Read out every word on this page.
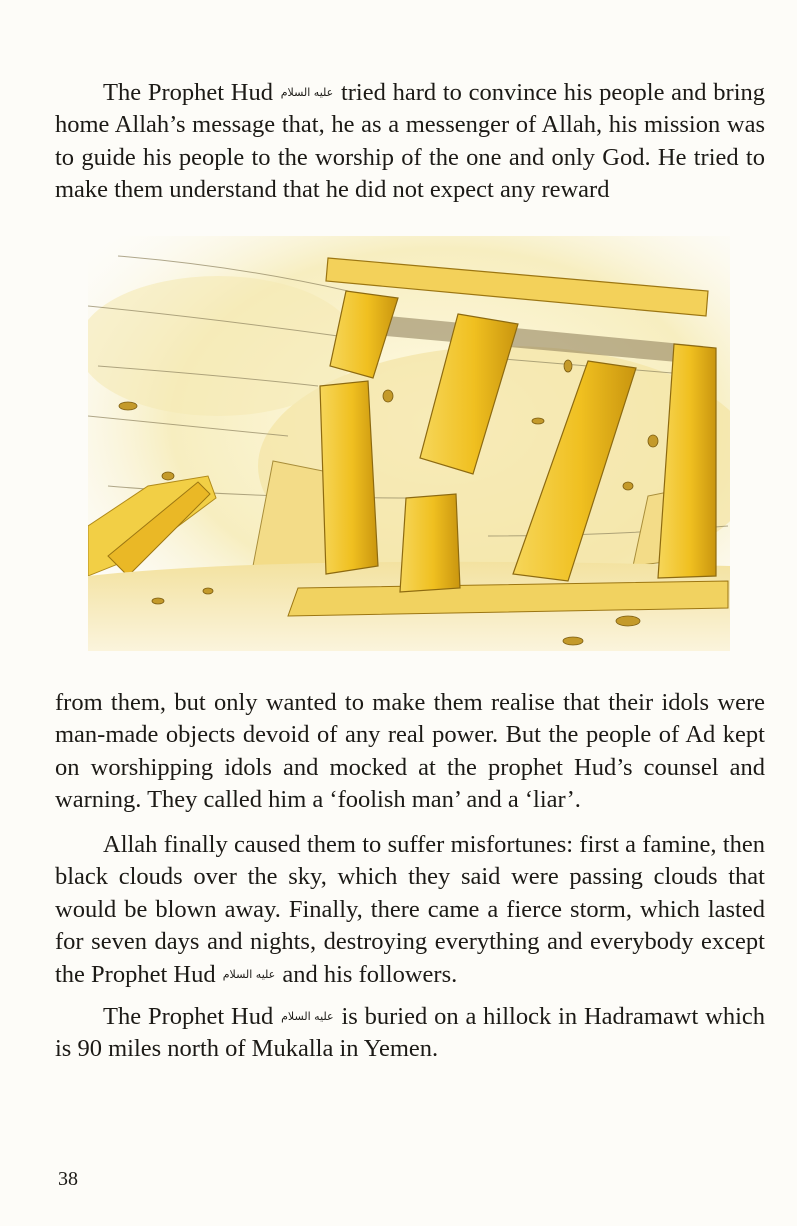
The Prophet Hud عليه السلام tried hard to convince his people and bring home Allah’s message that, he as a messenger of Allah, his mission was to guide his people to the worship of the one and only God. He tried to make them understand that he did not expect any reward

from them, but only wanted to make them realise that their idols were man-made objects devoid of any real power. But the people of Ad kept on worshipping idols and mocked at the prophet Hud’s counsel and warning. They called him a ‘foolish man’ and a ‘liar’.

Allah finally caused them to suffer misfortunes: first a famine, then black clouds over the sky, which they said were passing clouds that would be blown away. Finally, there came a fierce storm, which lasted for seven days and nights, destroying everything and everybody except the Prophet Hud عليه السلام and his followers.

The Prophet Hud عليه السلام is buried on a hillock in Hadramawt which is 90 miles north of Mukalla in Yemen.

38
